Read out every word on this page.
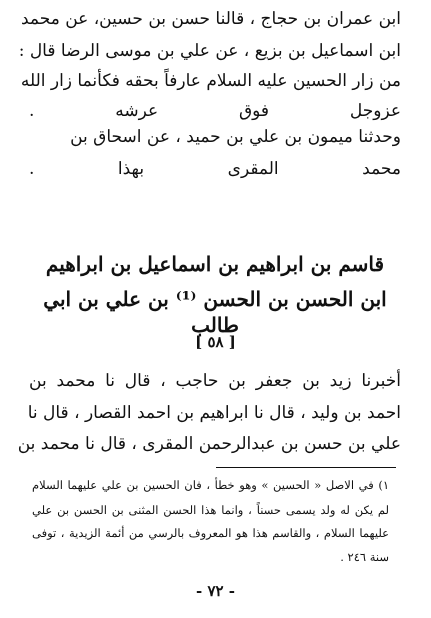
ابن عمران بن حجاج ، قالنا حسن بن حسين، عن محمد
ابن اسماعيل بن بزيع ، عن علي بن موسى الرضا قال :
من زار الحسين عليه السلام عارفاً بحقه فكأنما زار الله
عزوجل فوق عرشه .
وحدثنا ميمون بن علي بن حميد ، عن اسحاق بن
محمد المقرى بهذا .
قاسم بن ابراهيم بن اسماعيل بن ابراهيم
ابن الحسن بن الحسن ⁽¹⁾ بن علي بن ابي طالب
[ ٥٨ ]
أخبرنا زيد بن جعفر بن حاجب ، قال نا محمد بن
احمد بن وليد ، قال نا ابراهيم بن احمد القصار ، قال نا
علي بن حسن بن عبدالرحمن المقرى ، قال نا محمد بن
١) في الاصل « الحسين » وهو خطأ ، فان الحسين بن علي عليهما السلام
لم يكن له ولد يسمى حسناً ، وانما هذا الحسن المثنى بن الحسن بن علي
عليهما السلام ، والقاسم هذا هو المعروف بالرسي من أئمة الزيدية ، توفى
سنة ٢٤٦ .
- ٧٢ -
